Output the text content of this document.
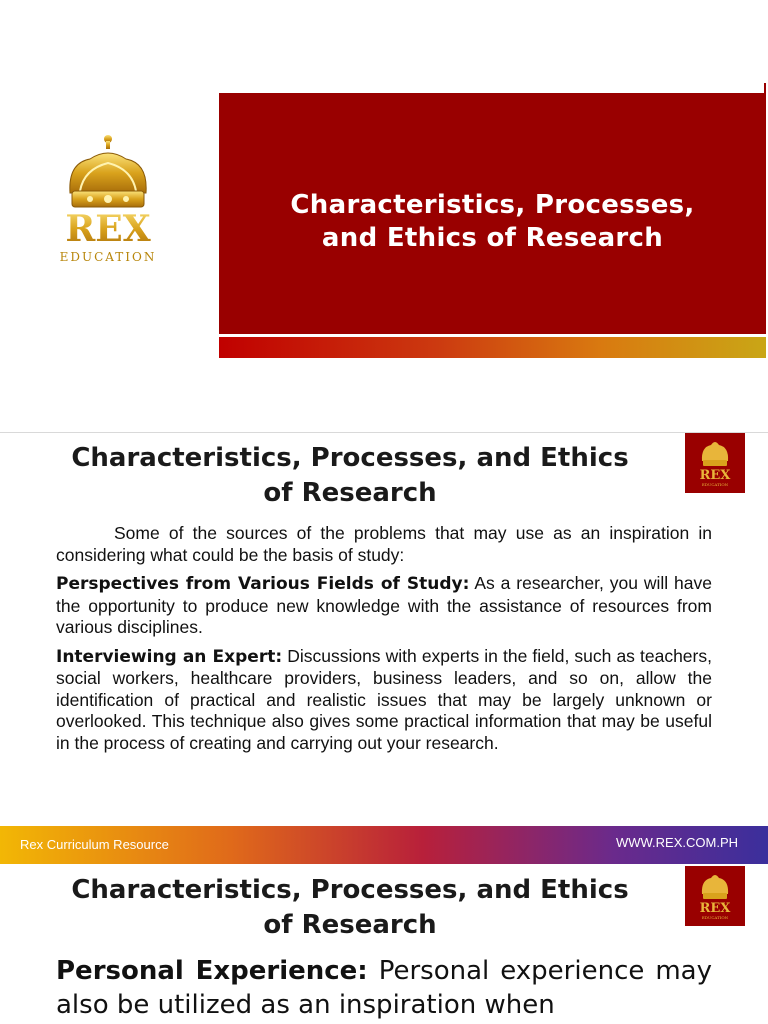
REX
EDUCATION
Characteristics, Processes,
and Ethics of Research
Characteristics, Processes, and Ethics
of Research
REX
EDUCATION

Some of the sources of the problems that may use as an inspiration in considering what could be the basis of study:

Perspectives from Various Fields of Study: As a researcher, you will have the opportunity to produce new knowledge with the assistance of resources from various disciplines.

Interviewing an Expert: Discussions with experts in the field, such as teachers, social workers, healthcare providers, business leaders, and so on, allow the identification of practical and realistic issues that may be largely unknown or overlooked. This technique also gives some practical information that may be useful in the process of creating and carrying out your research.

Rex Curriculum Resource	WWW.REX.COM.PH
Characteristics, Processes, and Ethics
of Research
REX
EDUCATION
Personal Experience: Personal experience may also be utilized as an inspiration when
